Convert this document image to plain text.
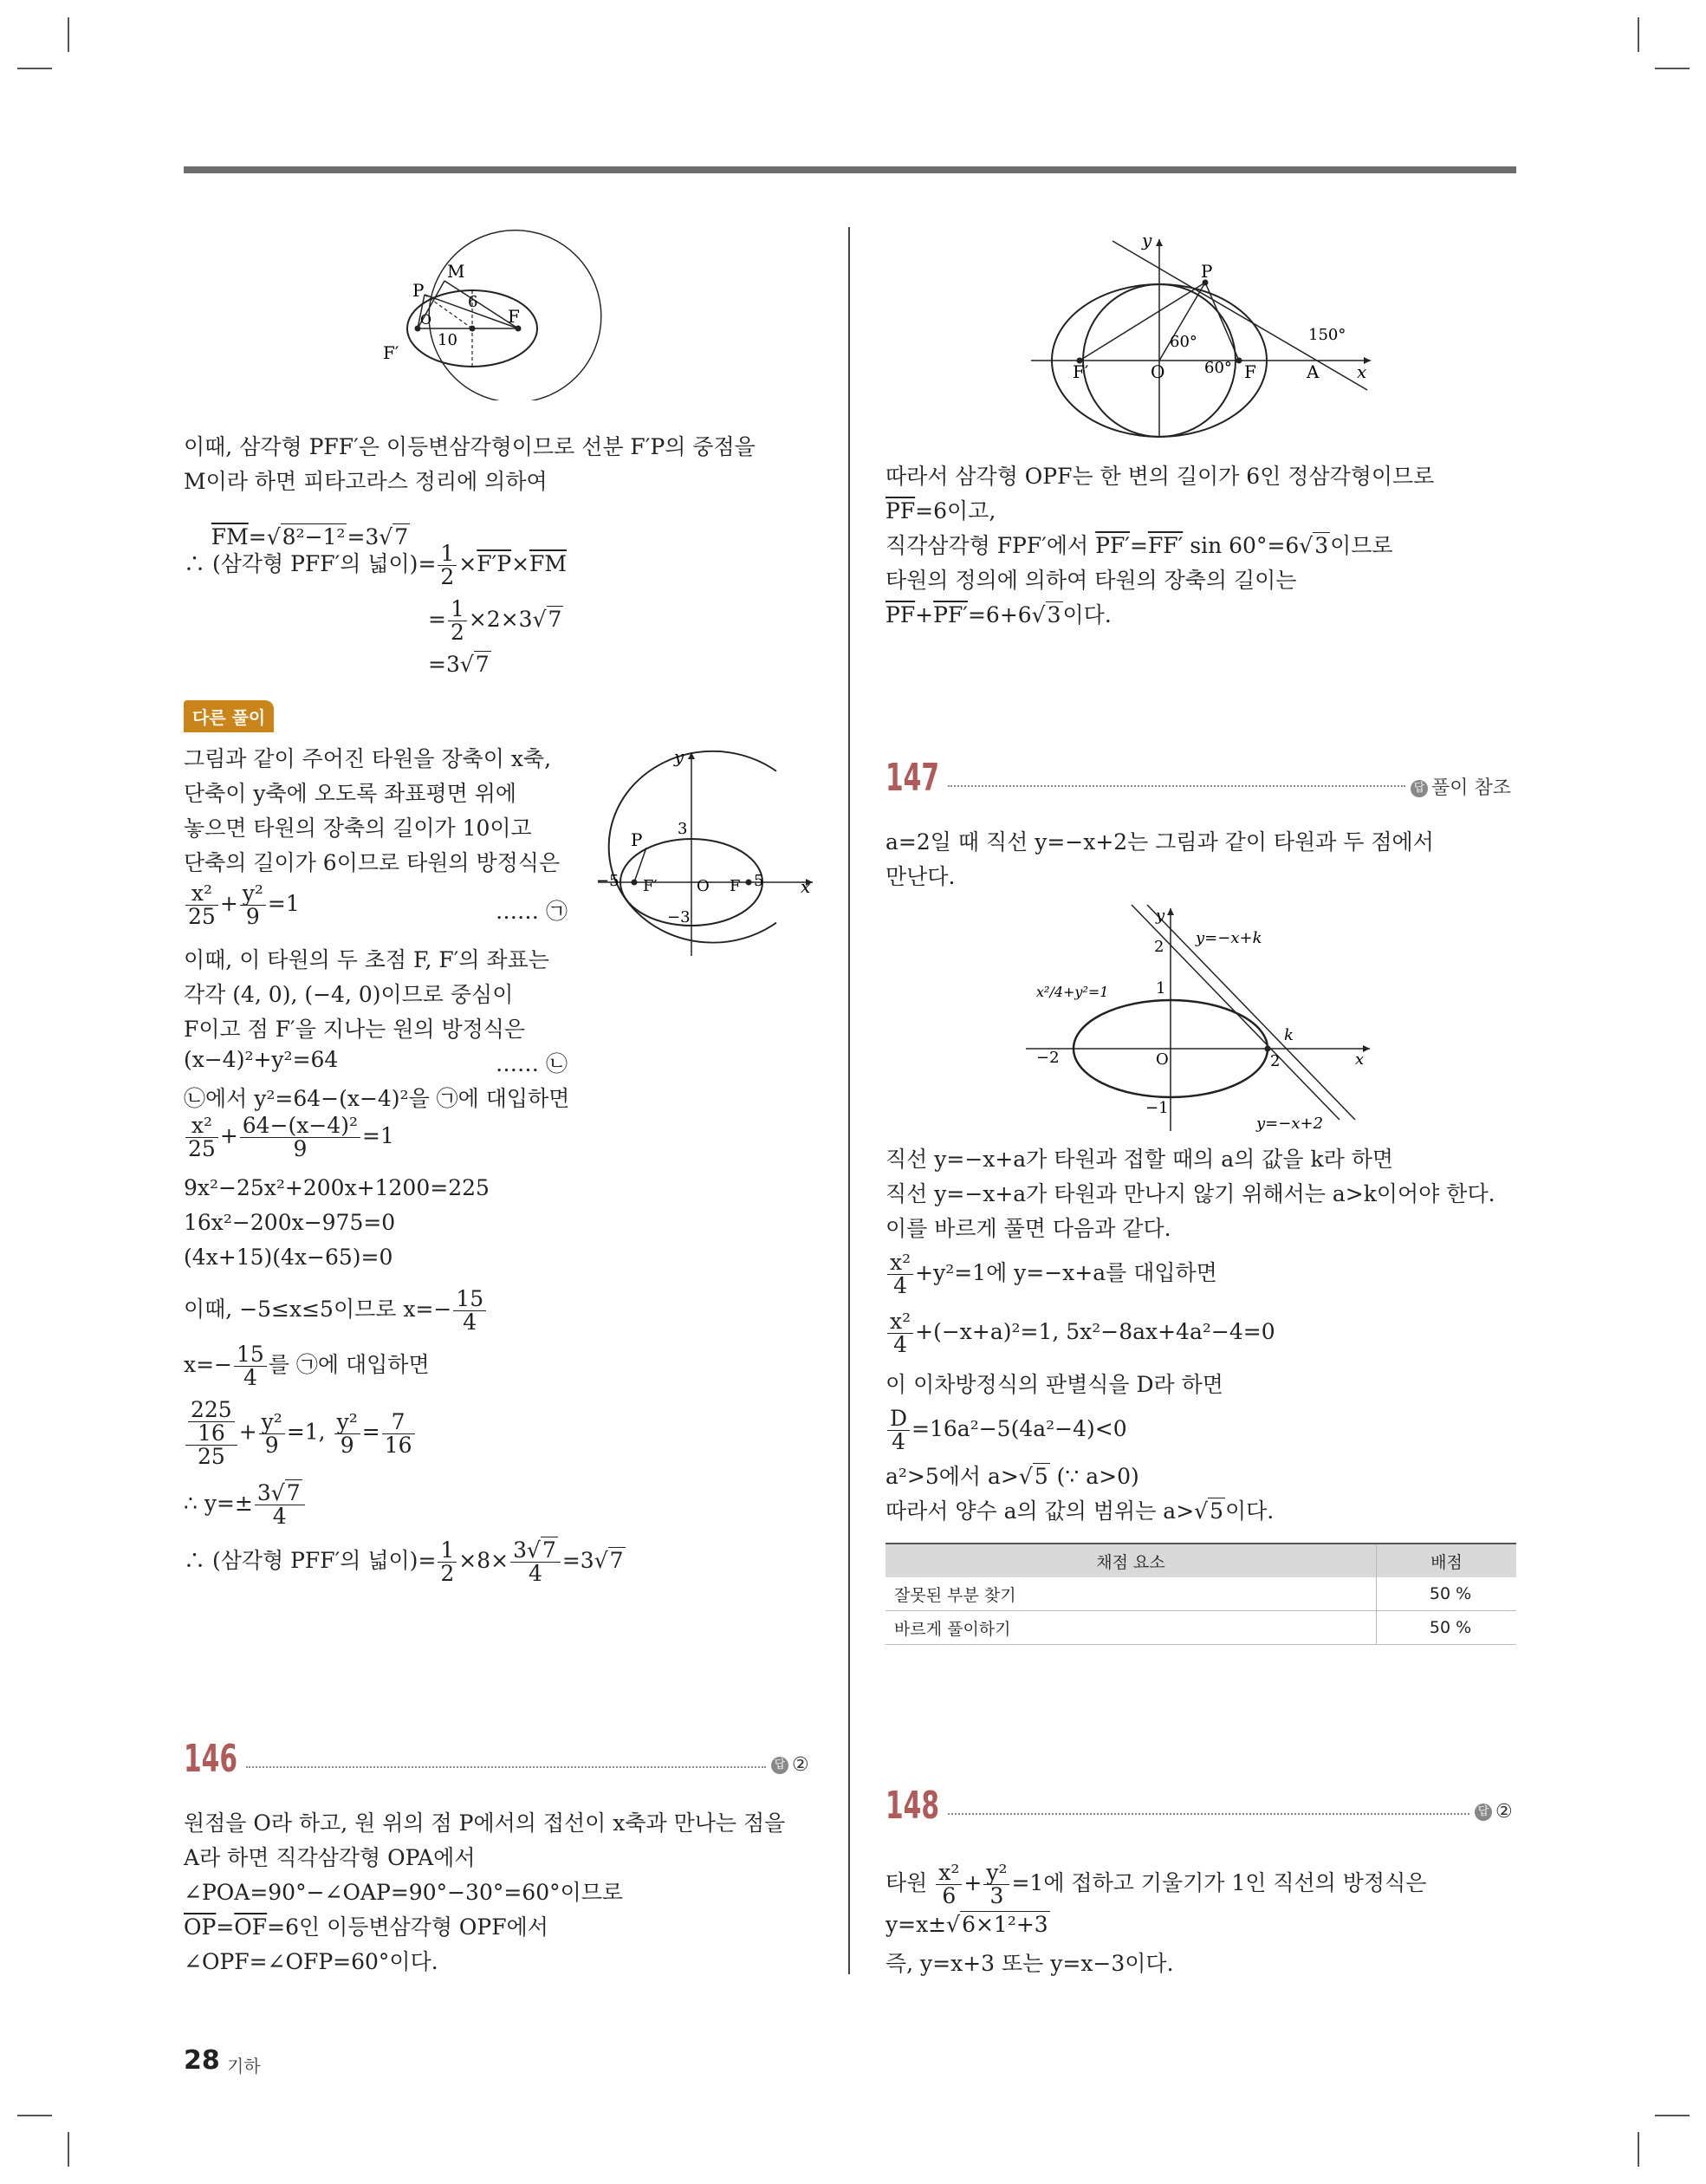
M
P
6
F
O
10
F′
이때, 삼각형 PFF′은 이등변삼각형이므로 선분 F′P의 중점을
M이라 하면 피타고라스 정리에 의하여

$\overline{FM}=√8^2-1^2=3√7$

∴ (삼각형 PFF′의 넓이)= $\frac{1}{2} \times F'P\times\overline{FM}$
= $\frac{1}{2} \times 2\times 3√7$
=3√7
다른 풀이
그림과 같이 주어진 타원을 장축이 x축,
단축이 y축에 오도록 좌표평면 위에
놓으면 타원의 장축의 길이가 10이고
단축의 길이가 6이므로 타원의 방정식은
$\frac{\text{x²}}{25} + \frac{\text{y²}}{9} =1$	…… ㉠
이때, 이 타원의 두 초점 F, F′의 좌표는
각각 (4, 0), (−4, 0)이므로 중심이
F이고 점 F′을 지나는 원의 방정식은
(x−4)²+y²=64	…… ㉡
㉡에서 y²=64−(x−4)²을 ㉠에 대입하면
$\frac{\text{x²}}{25} + \frac{\text{64−(x−4)²}}{9} =1$
9x²−25x²+200x+1200=225
16x²−200x−975=0
(4x+15)(4x−65)=0
이때, −5≤x≤5이므로 $x=- \frac{15}{4}$
$x=- \frac{15}{4}$ 를 ㉠에 대입하면
$\frac{\frac{225}{16}}{25} + \frac{\text{y²}}{9} =1$, $\frac{\text{y²}}{9} = \frac{7}{16}$
∴ $y=\pm \frac{3√7}{4}$
∴ (삼각형 PFF′의 넓이)= $\frac{1}{2} \times 8\times \frac{3√7}{4} =3√7$
y
3
P
−5 F′	O F 5 x
−3
146	답 ②
원점을 O라 하고, 원 위의 점 P에서의 접선이 x축과 만나는 점을
A라 하면 직각삼각형 OPA에서
∠POA=90°−∠OAP=90°−30°=60°이므로
$\overline{OP}=\overline{OF}=6$인 이등변삼각형 OPF에서
∠OPF=∠OFP=60°이다.
y
P
60°
60°
150°
F′	O	F	A x
따라서 삼각형 OPF는 한 변의 길이가 6인 정삼각형이므로
$\overline{PF}=6$이고,
직각삼각형 FPF′에서 PF′=FF′ sin 60°=6√3이므로
타원의 정의에 의하여 타원의 장축의 길이는
$\overline{PF}+PF'=6+6√3$이다.
147	답 풀이 참조
a=2일 때 직선 y=−x+2는 그림과 같이 타원과 두 점에서
만난다.
y
2 y=−x+k
x²/4+y²=1	1
k
−2	O	2	x
−1
y=−x+2
직선 y=−x+a가 타원과 접할 때의 a의 값을 k라 하면
직선 y=−x+a가 타원과 만나지 않기 위해서는 a>k이어야 한다.
이를 바르게 풀면 다음과 같다.
$\frac{\text{x²}}{4} +y^2=1$에 y=−x+a를 대입하면
$\frac{\text{x²}}{4} +(-x+a)^2=1$, 5x²−8ax+4a²−4=0
이 이차방정식의 판별식을 D라 하면
$\frac{D}{4} =16a^2-5(4a^2-4)<0$
a²>5에서 a>√5 (∵ a>0)
따라서 양수 a의 값의 범위는 a>√5이다.
채점 요소	배점
잘못된 부분 찾기	50 %
바르게 풀이하기	50 %
148	답 ②
타원 $\frac{\text{x²}}{6} + \frac{\text{y²}}{3} =1$에 접하고 기울기가 1인 직선의 방정식은
y=x±√6×1²+3
즉, y=x+3 또는 y=x−3이다.
28 기하
